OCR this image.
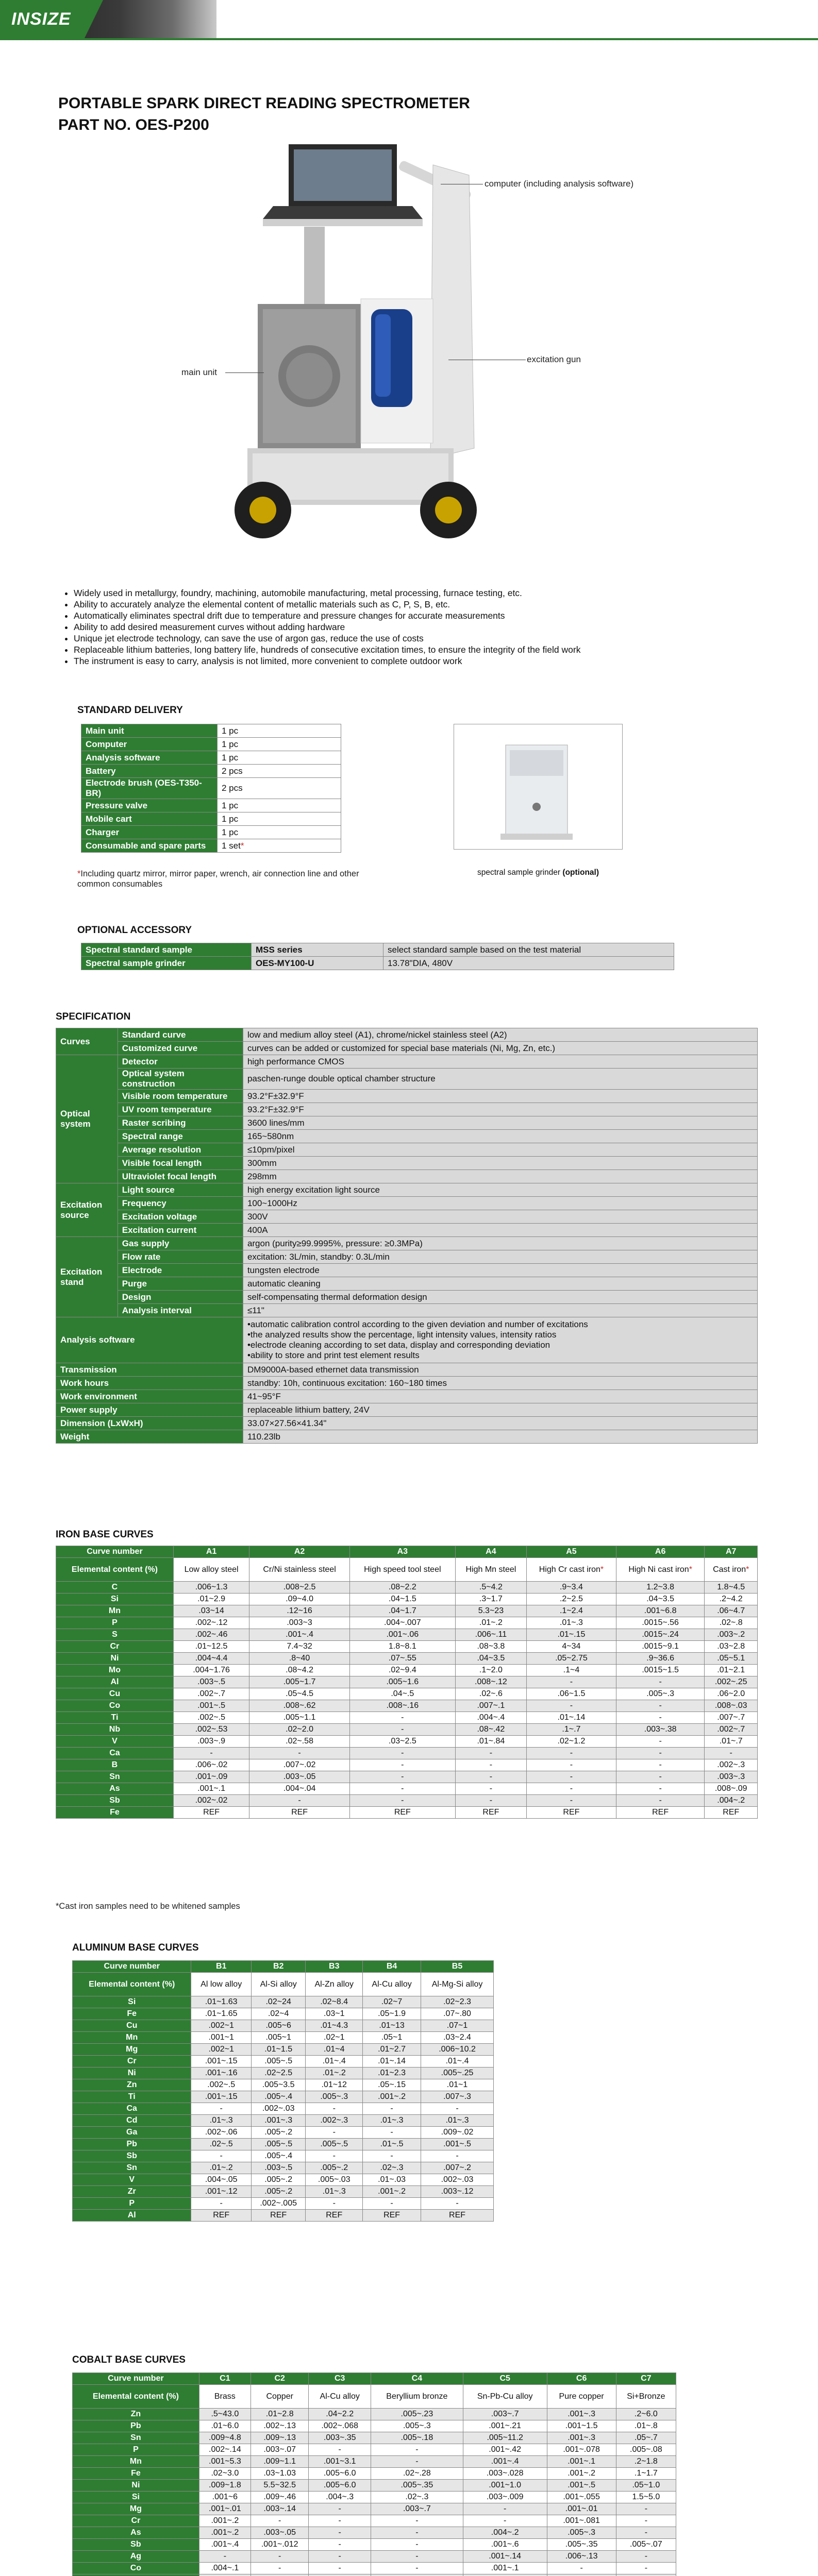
INSIZE
PORTABLE SPARK DIRECT READING SPECTROMETER
PART NO. OES-P200
computer (including analysis software)
excitation gun
main unit
• Widely used in metallurgy, foundry, machining, automobile manufacturing, metal processing, furnace testing, etc.
• Ability to accurately analyze the elemental content of metallic materials such as C, P, S, B, etc.
• Automatically eliminates spectral drift due to temperature and pressure changes for accurate measurements
• Ability to add desired measurement curves without adding hardware
• Unique jet electrode technology, can save the use of argon gas, reduce the use of costs
• Replaceable lithium batteries, long battery life, hundreds of consecutive excitation times, to ensure the integrity of the field work
• The instrument is easy to carry, analysis is not limited, more convenient to complete outdoor work
STANDARD DELIVERY
Main unit	1 pc
Computer	1 pc
Analysis software	1 pc
Battery	2 pcs
Electrode brush (OES-T350-BR)	2 pcs
Pressure valve	1 pc
Mobile cart	1 pc
Charger	1 pc
Consumable and spare parts	1 set*
*Including quartz mirror, mirror paper, wrench, air connection line and other common consumables
spectral sample grinder (optional)
OPTIONAL ACCESSORY
Spectral standard sample	MSS series	select standard sample based on the test material
Spectral sample grinder	OES-MY100-U	13.78"DIA, 480V
SPECIFICATION
Curves	Standard curve	low and medium alloy steel (A1), chrome/nickel stainless steel (A2)
	Customized curve	curves can be added or customized for special base materials (Ni, Mg, Zn, etc.)
Optical system	Detector	high performance CMOS
	Optical system construction	paschen-runge double optical chamber structure
	Visible room temperature	93.2°F±32.9°F
	UV room temperature	93.2°F±32.9°F
	Raster scribing	3600 lines/mm
	Spectral range	165~580nm
	Average resolution	≤10pm/pixel
	Visible focal length	300mm
	Ultraviolet focal length	298mm
Excitation source	Light source	high energy excitation light source
	Frequency	100~1000Hz
	Excitation voltage	300V
	Excitation current	400A
Excitation stand	Gas supply	argon (purity≥99.9995%, pressure: ≥0.3MPa)
	Flow rate	excitation: 3L/min, standby: 0.3L/min
	Electrode	tungsten electrode
	Purge	automatic cleaning
	Design	self-compensating thermal deformation design
	Analysis interval	≤11"
Analysis software		•automatic calibration control according to the given deviation and number of excitations
•the analyzed results show the percentage, light intensity values, intensity ratios
•electrode cleaning according to set data, display and corresponding deviation
•ability to store and print test element results

Transmission		DM9000A-based ethernet data transmission
Work hours		standby: 10h, continuous excitation: 160~180 times
Work environment		41~95°F
Power supply		replaceable lithium battery, 24V
Dimension (LxWxH)		33.07×27.56×41.34"
Weight		110.23lb
IRON BASE CURVES
Curve number	A1	A2	A3	A4	A5	A6	A7
Elemental content (%)	Low alloy steel	Cr/Ni stainless steel	High speed tool steel	High Mn steel	High Cr cast iron*	High Ni cast iron*	Cast iron*
C	.006~1.3	.008~2.5	.08~2.2	.5~4.2	.9~3.4	1.2~3.8	1.8~4.5
Si	.01~2.9	.09~4.0	.04~1.5	.3~1.7	.2~2.5	.04~3.5	.2~4.2
Mn	.03~14	.12~16	.04~1.7	5.3~23	.1~2.4	.001~6.8	.06~4.7
P	.002~.12	.003~3	.004~.007	.01~.2	.01~.3	.0015~.56	.02~.8
S	.002~.46	.001~.4	.001~.06	.006~.11	.01~.15	.0015~.24	.003~.2
Cr	.01~12.5	7.4~32	1.8~8.1	.08~3.8	4~34	.0015~9.1	.03~2.8
Ni	.004~4.4	.8~40	.07~.55	.04~3.5	.05~2.75	.9~36.6	.05~5.1
Mo	.004~1.76	.08~4.2	.02~9.4	.1~2.0	.1~4	.0015~1.5	.01~2.1
Al	.003~.5	.005~1.7	.005~1.6	.008~.12	-	-	.002~.25
Cu	.002~.7	.05~4.5	.04~.5	.02~.6	.06~1.5	.005~.3	.06~2.0
Co	.001~.5	.008~.62	.008~.16	.007~.1	-	-	.008~.03
Ti	.002~.5	.005~1.1	-	.004~.4	.01~.14	-	.007~.7
Nb	.002~.53	.02~2.0	-	.08~.42	.1~.7	.003~.38	.002~.7
V	.003~.9	.02~.58	.03~2.5	.01~.84	.02~1.2	-	.01~.7
Ca	-	-	-	-	-	-	-
B	.006~.02	.007~.02	-	-	-	-	.002~.3
Sn	.001~.09	.003~.05	-	-	-	-	.003~.3
As	.001~.1	.004~.04	-	-	-	-	.008~.09
Sb	.002~.02	-	-	-	-	-	.004~.2
Fe	REF	REF	REF	REF	REF	REF	REF
*Cast iron samples need to be whitened samples
ALUMINUM BASE CURVES
Curve number	B1	B2	B3	B4	B5
Elemental content (%)	Al low alloy	Al-Si alloy	Al-Zn alloy	Al-Cu alloy	Al-Mg-Si alloy
Si	.01~1.63	.02~24	.02~8.4	.02~7	.02~2.3
Fe	.01~1.65	.02~4	.03~1	.05~1.9	.07~.80
Cu	.002~1	.005~6	.01~4.3	.01~13	.07~1
Mn	.001~1	.005~1	.02~1	.05~1	.03~2.4
Mg	.002~1	.01~1.5	.01~4	.01~2.7	.006~10.2
Cr	.001~.15	.005~.5	.01~.4	.01~.14	.01~.4
Ni	.001~.16	.02~2.5	.01~.2	.01~2.3	.005~.25
Zn	.002~.5	.005~3.5	.01~12	.05~.15	.01~1
Ti	.001~.15	.005~.4	.005~.3	.001~.2	.007~.3
Ca	-	.002~.03	-	-	-
Cd	.01~.3	.001~.3	.002~.3	.01~.3	.01~.3
Ga	.002~.06	.005~.2	-	-	.009~.02
Pb	.02~.5	.005~.5	.005~.5	.01~.5	.001~.5
Sb	-	.005~.4	-	-	-
Sn	.01~.2	.003~.5	.005~.2	.02~.3	.007~.2
V	.004~.05	.005~.2	.005~.03	.01~.03	.002~.03
Zr	.001~.12	.005~.2	.01~.3	.001~.2	.003~.12
P	-	.002~.005	-	-	-
Al	REF	REF	REF	REF	REF
COBALT BASE CURVES
Curve number	C1	C2	C3	C4	C5	C6	C7
Elemental content (%)	Brass	Copper	Al-Cu alloy	Beryllium bronze	Sn-Pb-Cu alloy	Pure copper	Si+Bronze
Zn	.5~43.0	.01~2.8	.04~2.2	.005~.23	.003~.7	.001~.3	.2~6.0
Pb	.01~6.0	.002~.13	.002~.068	.005~.3	.001~.21	.001~1.5	.01~.8
Sn	.009~4.8	.009~.13	.003~.35	.005~.18	.005~11.2	.001~.3	.05~.7
P	.002~.14	.003~.07	-	-	.001~.42	.001~.078	.005~.08
Mn	.001~5.3	.009~1.1	.001~3.1	-	.001~.4	.001~.1	.2~1.8
Fe	.02~3.0	.03~1.03	.005~6.0	.02~.28	.003~.028	.001~.2	.1~1.7
Ni	.009~1.8	5.5~32.5	.005~6.0	.005~.35	.001~1.0	.001~.5	.05~1.0
Si	.001~6	.009~.46	.004~.3	.02~.3	.003~.009	.001~.055	1.5~5.0
Mg	.001~.01	.003~.14	-	.003~.7	-	.001~.01	-
Cr	.001~.2	-	-	-	-	.001~.081	-
As	.001~.2	.003~.05	-	-	.004~.2	.005~.3	-
Sb	.001~.4	.001~.012	-	-	.001~.6	.005~.35	.005~.07
Ag	-	-	-	-	.001~.14	.006~.13	-
Co	.004~.1	-	-	-	.001~.1	-	-
